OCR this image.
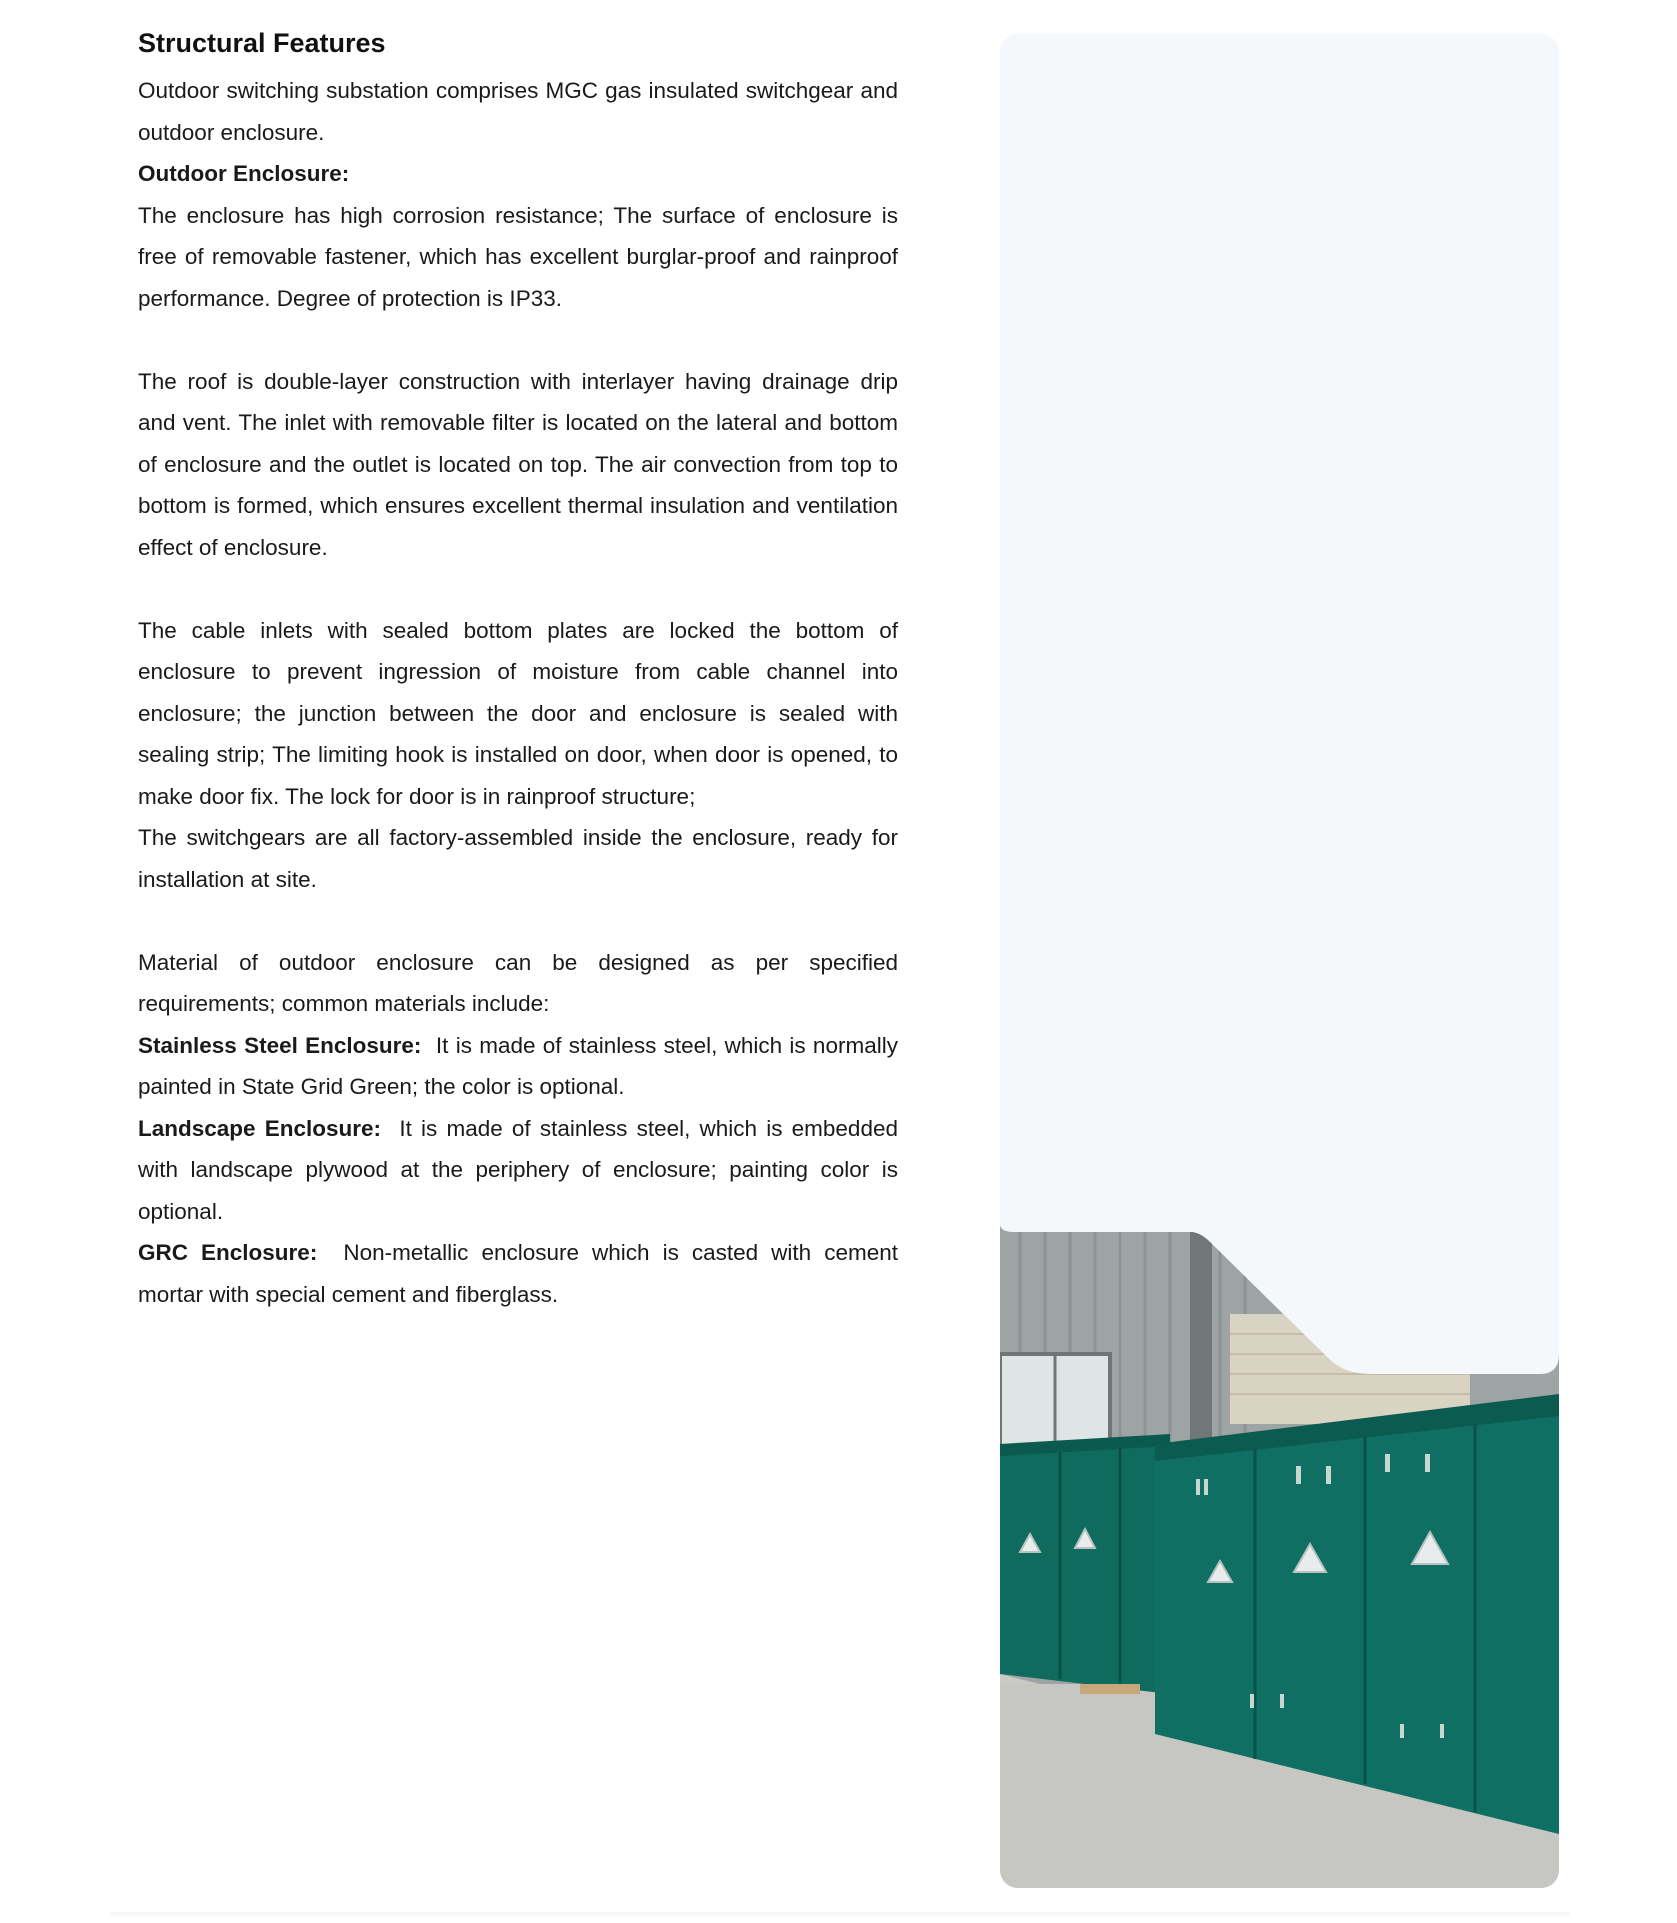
Structural Features

Outdoor switching substation comprises MGC gas insulated switchgear and outdoor enclosure.

Outdoor Enclosure:

The enclosure has high corrosion resistance; The surface of enclosure is free of removable fastener, which has excellent burglar-proof and rainproof performance. Degree of protection is IP33.

The roof is double-layer construction with interlayer having drainage drip and vent. The inlet with removable filter is located on the lateral and bottom of enclosure and the outlet is located on top. The air convection from top to bottom is formed, which ensures excellent thermal insulation and ventilation effect of enclosure.

The cable inlets with sealed bottom plates are locked the bottom of enclosure to prevent ingression of moisture from cable channel into enclosure; the junction between the door and enclosure is sealed with sealing strip; The limiting hook is installed on door, when door is opened, to make door fix. The lock for door is in rainproof structure;

The switchgears are all factory-assembled inside the enclosure, ready for installation at site.

Material of outdoor enclosure can be designed as per specified requirements; common materials include:

Stainless Steel Enclosure: It is made of stainless steel, which is normally painted in State Grid Green; the color is optional.

Landscape Enclosure: It is made of stainless steel, which is embedded with landscape plywood at the periphery of enclosure; painting color is optional.

GRC Enclosure: Non-metallic enclosure which is casted with cement mortar with special cement and fiberglass.
